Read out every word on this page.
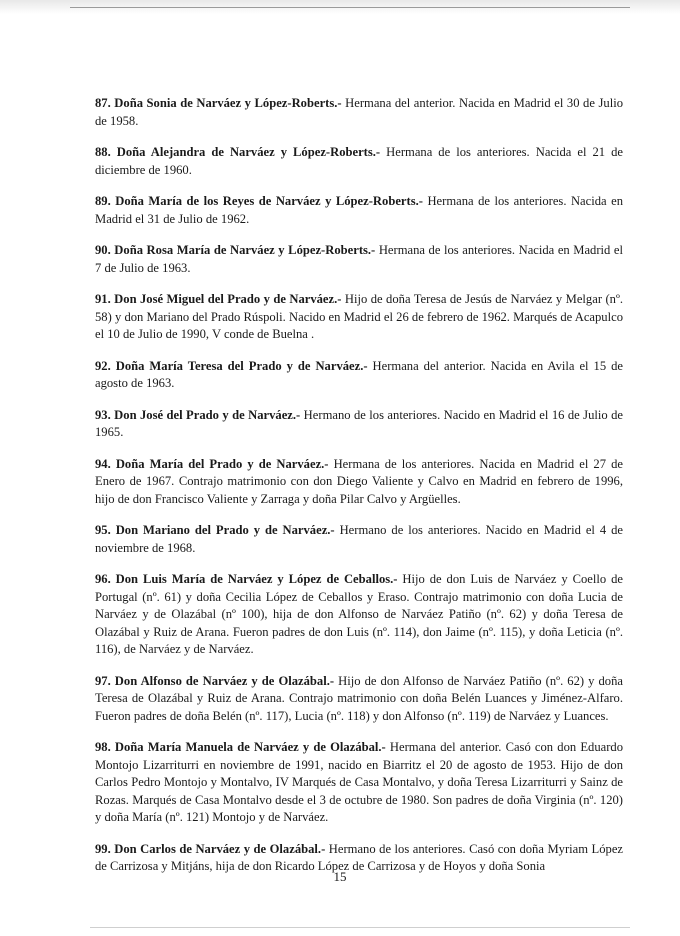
87. Doña Sonia de Narváez y López-Roberts.- Hermana del anterior. Nacida en Madrid el 30 de Julio de 1958.

88. Doña Alejandra de Narváez y López-Roberts.- Hermana de los anteriores. Nacida el 21 de diciembre de 1960.

89. Doña María de los Reyes de Narváez y López-Roberts.- Hermana de los anteriores. Nacida en Madrid el 31 de Julio de 1962.

90. Doña Rosa María de Narváez y López-Roberts.- Hermana de los anteriores. Nacida en Madrid el 7 de Julio de 1963.

91. Don José Miguel del Prado y de Narváez.- Hijo de doña Teresa de Jesús de Narváez y Melgar (nº. 58) y don Mariano del Prado Rúspoli. Nacido en Madrid el 26 de febrero de 1962. Marqués de Acapulco el 10 de Julio de 1990, V conde de Buelna .

92. Doña María Teresa del Prado y de Narváez.- Hermana del anterior. Nacida en Avila el 15 de agosto de 1963.

93. Don José del Prado y de Narváez.- Hermano de los anteriores. Nacido en Madrid el 16 de Julio de 1965.

94. Doña María del Prado y de Narváez.- Hermana de los anteriores. Nacida en Madrid el 27 de Enero de 1967. Contrajo matrimonio con don Diego Valiente y Calvo en Madrid en febrero de 1996, hijo de don Francisco Valiente y Zarraga y doña Pilar Calvo y Argüelles.

95. Don Mariano del Prado y de Narváez.- Hermano de los anteriores. Nacido en Madrid el 4 de noviembre de 1968.

96. Don Luis María de Narváez y López de Ceballos.- Hijo de don Luis de Narváez y Coello de Portugal (nº. 61) y doña Cecilia López de Ceballos y Eraso. Contrajo matrimonio con doña Lucia de Narváez y de Olazábal (nº 100), hija de don Alfonso de Narváez Patiño (nº. 62) y doña Teresa de Olazábal y Ruiz de Arana. Fueron padres de don Luis (nº. 114), don Jaime (nº. 115), y doña Leticia (nº. 116), de Narváez y de Narváez.

97. Don Alfonso de Narváez y de Olazábal.- Hijo de don Alfonso de Narváez Patiño (nº. 62) y doña Teresa de Olazábal y Ruiz de Arana. Contrajo matrimonio con doña Belén Luances y Jiménez-Alfaro. Fueron padres de doña Belén (nº. 117), Lucia (nº. 118) y don Alfonso (nº. 119) de Narváez y Luances.

98. Doña María Manuela de Narváez y de Olazábal.- Hermana del anterior. Casó con don Eduardo Montojo Lizarriturri en noviembre de 1991, nacido en Biarritz el 20 de agosto de 1953. Hijo de don Carlos Pedro Montojo y Montalvo, IV Marqués de Casa Montalvo, y doña Teresa Lizarriturri y Sainz de Rozas. Marqués de Casa Montalvo desde el 3 de octubre de 1980. Son padres de doña Virginia (nº. 120) y doña María (nº. 121) Montojo y de Narváez.

99. Don Carlos de Narváez y de Olazábal.- Hermano de los anteriores. Casó con doña Myriam López de Carrizosa y Mitjáns, hija de don Ricardo López de Carrizosa y de Hoyos y doña Sonia

15
